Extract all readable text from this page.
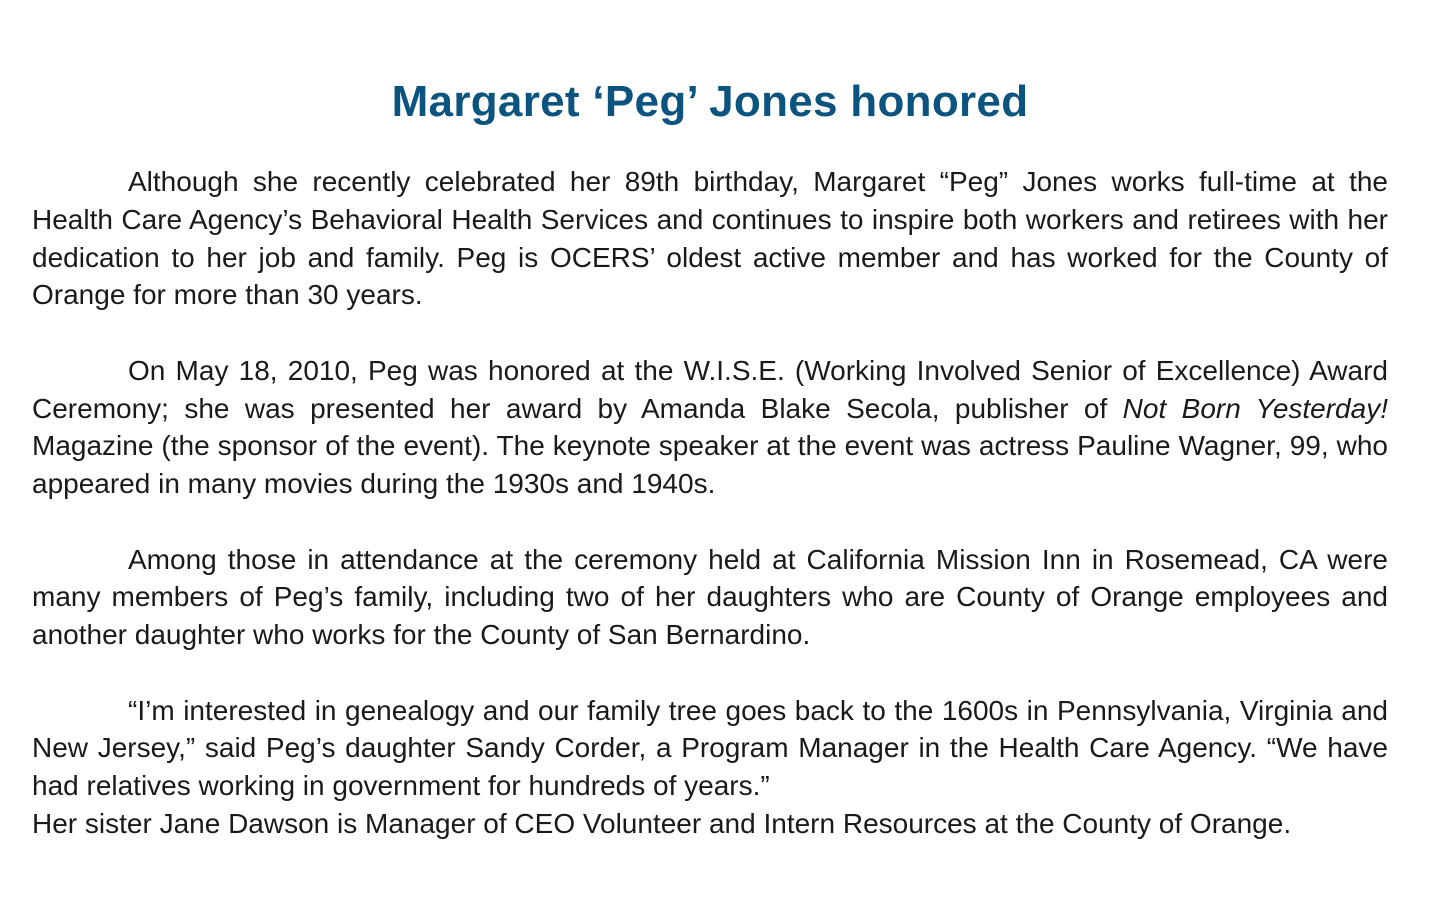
Margaret ‘Peg’ Jones honored

Although she recently celebrated her 89th birthday, Margaret “Peg” Jones works full-time at the Health Care Agency’s Behavioral Health Services and continues to inspire both workers and retirees with her dedication to her job and family. Peg is OCERS’ oldest active member and has worked for the County of Orange for more than 30 years.

On May 18, 2010, Peg was honored at the W.I.S.E. (Working Involved Senior of Excellence) Award Ceremony; she was presented her award by Amanda Blake Secola, publisher of Not Born Yesterday! Magazine (the sponsor of the event). The keynote speaker at the event was actress Pauline Wagner, 99, who appeared in many movies during the 1930s and 1940s.

Among those in attendance at the ceremony held at California Mission Inn in Rosemead, CA were many members of Peg’s family, including two of her daughters who are County of Orange employees and another daughter who works for the County of San Bernardino.

“I’m interested in genealogy and our family tree goes back to the 1600s in Pennsylvania, Virginia and New Jersey,” said Peg’s daughter Sandy Corder, a Program Manager in the Health Care Agency. “We have had relatives working in government for hundreds of years.”

Her sister Jane Dawson is Manager of CEO Volunteer and Intern Resources at the County of Orange.
